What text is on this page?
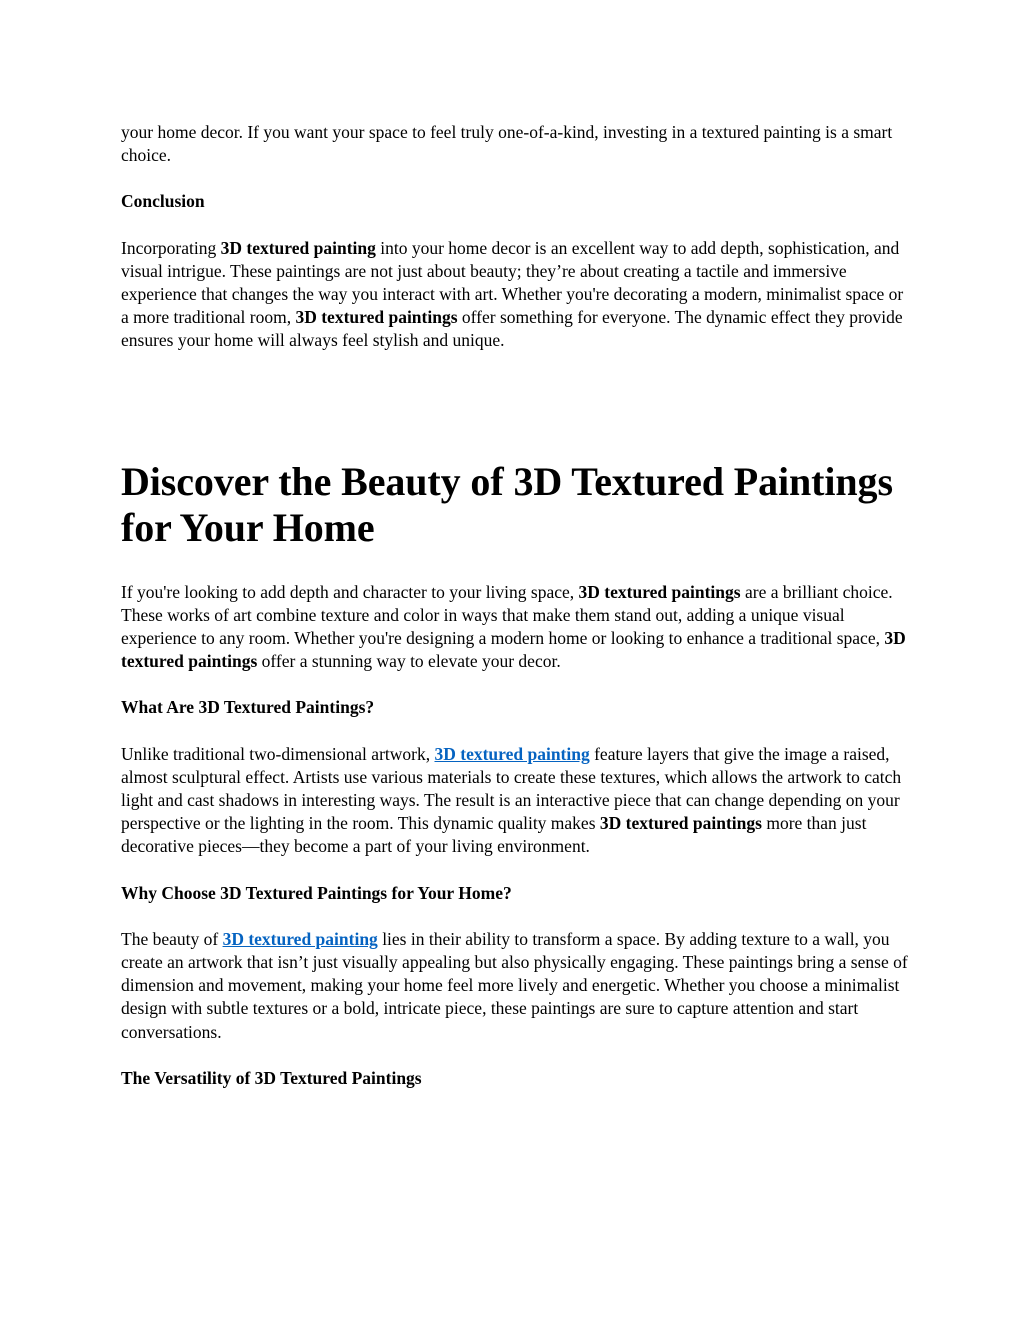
your home decor. If you want your space to feel truly one-of-a-kind, investing in a textured painting is a smart choice.

Conclusion

Incorporating 3D textured painting into your home decor is an excellent way to add depth, sophistication, and visual intrigue. These paintings are not just about beauty; they’re about creating a tactile and immersive experience that changes the way you interact with art. Whether you're decorating a modern, minimalist space or a more traditional room, 3D textured paintings offer something for everyone. The dynamic effect they provide ensures your home will always feel stylish and unique.

Discover the Beauty of 3D Textured Paintings for Your Home

If you're looking to add depth and character to your living space, 3D textured paintings are a brilliant choice. These works of art combine texture and color in ways that make them stand out, adding a unique visual experience to any room. Whether you're designing a modern home or looking to enhance a traditional space, 3D textured paintings offer a stunning way to elevate your decor.

What Are 3D Textured Paintings?

Unlike traditional two-dimensional artwork, 3D textured painting feature layers that give the image a raised, almost sculptural effect. Artists use various materials to create these textures, which allows the artwork to catch light and cast shadows in interesting ways. The result is an interactive piece that can change depending on your perspective or the lighting in the room. This dynamic quality makes 3D textured paintings more than just decorative pieces—they become a part of your living environment.

Why Choose 3D Textured Paintings for Your Home?

The beauty of 3D textured painting lies in their ability to transform a space. By adding texture to a wall, you create an artwork that isn’t just visually appealing but also physically engaging. These paintings bring a sense of dimension and movement, making your home feel more lively and energetic. Whether you choose a minimalist design with subtle textures or a bold, intricate piece, these paintings are sure to capture attention and start conversations.

The Versatility of 3D Textured Paintings
